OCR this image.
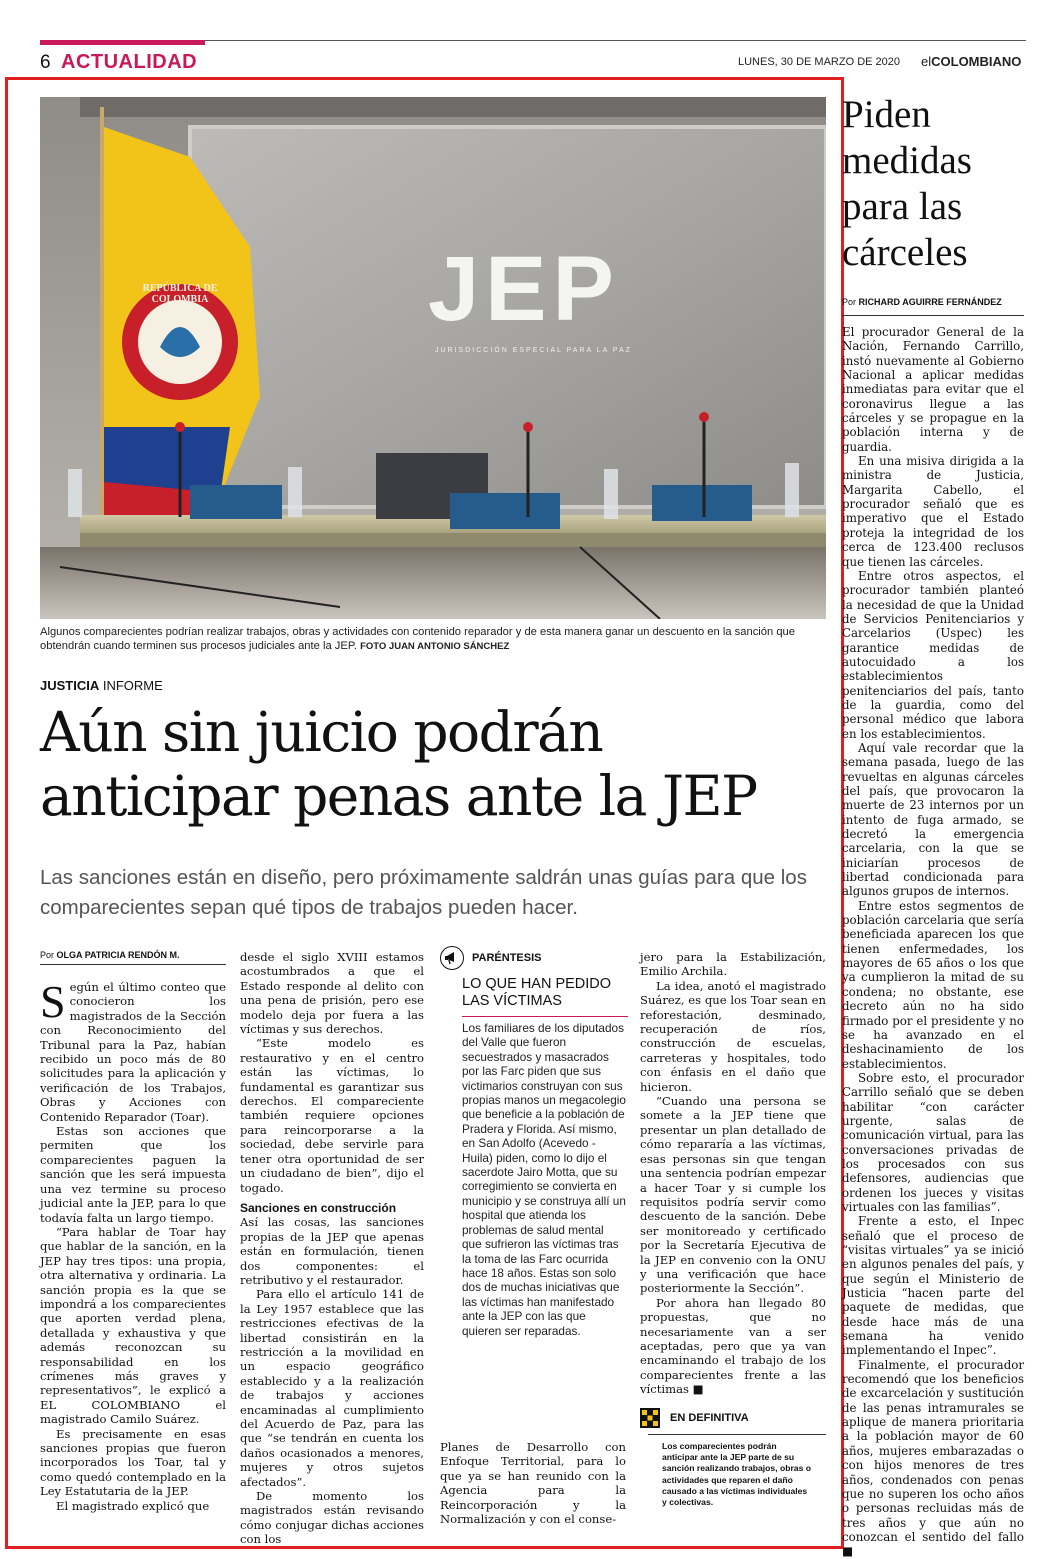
6 ACTUALIDAD	LUNES, 30 DE MARZO DE 2020 elCOLOMBIANO
JEP
JURISDICCIÓN ESPECIAL PARA LA PAZ
REPÚBLICA DE COLOMBIA
Algunos comparecientes podrían realizar trabajos, obras y actividades con contenido reparador y de esta manera ganar un descuento en la sanción que obtendrán cuando terminen sus procesos judiciales ante la JEP. FOTO JUAN ANTONIO SÁNCHEZ
JUSTICIA INFORME
Aún sin juicio podrán
anticipar penas ante la JEP

Las sanciones están en diseño, pero próximamente saldrán unas guías para que los comparecientes sepan qué tipos de trabajos pueden hacer.

Por OLGA PATRICIA RENDÓN M.

Según el último conteo que conocieron los magistrados de la Sección con Reconocimiento del Tribunal para la Paz, habían recibido un poco más de 80 solicitudes para la aplicación y verificación de los Trabajos, Obras y Acciones con Contenido Reparador (Toar).

Estas son acciones que permiten que los comparecientes paguen la sanción que les será impuesta una vez termine su proceso judicial ante la JEP, para lo que todavía falta un largo tiempo.

“Para hablar de Toar hay que hablar de la sanción, en la JEP hay tres tipos: una propia, otra alternativa y ordinaria. La sanción propia es la que se impondrá a los comparecientes que aporten verdad plena, detallada y exhaustiva y que además reconozcan su responsabilidad en los crímenes más graves y representativos”, le explicó a EL COLOMBIANO el magistrado Camilo Suárez.

Es precisamente en esas sanciones propias que fueron incorporados los Toar, tal y como quedó contemplado en la Ley Estatutaria de la JEP.

El magistrado explicó que

desde el siglo XVIII estamos acostumbrados a que el Estado responde al delito con una pena de prisión, pero ese modelo deja por fuera a las víctimas y sus derechos.

“Este modelo es restaurativo y en el centro están las víctimas, lo fundamental es garantizar sus derechos. El compareciente también requiere opciones para reincorporarse a la sociedad, debe servirle para tener otra oportunidad de ser un ciudadano de bien”, dijo el togado.

Sanciones en construcción

Así las cosas, las sanciones propias de la JEP que apenas están en formulación, tienen dos componentes: el retributivo y el restaurador.

Para ello el artículo 141 de la Ley 1957 establece que las restricciones efectivas de la libertad consistirán en la restricción a la movilidad en un espacio geográfico establecido y a la realización de trabajos y acciones encaminadas al cumplimiento del Acuerdo de Paz, para las que “se tendrán en cuenta los daños ocasionados a menores, mujeres y otros sujetos afectados”.

De momento los magistrados están revisando cómo conjugar dichas acciones con los

PARÉNTESIS
LO QUE HAN PEDIDO LAS VÍCTIMAS
Los familiares de los diputados del Valle que fueron secuestrados y masacrados por las Farc piden que sus victimarios construyan con sus propias manos un megacolegio que beneficie a la población de Pradera y Florida. Así mismo, en San Adolfo (Acevedo - Huila) piden, como lo dijo el sacerdote Jairo Motta, que su corregimiento se convierta en municipio y se construya allí un hospital que atienda los problemas de salud mental que sufrieron las víctimas tras la toma de las Farc ocurrida hace 18 años. Estas son solo dos de muchas iniciativas que las víctimas han manifestado ante la JEP con las que quieren ser reparadas.

Planes de Desarrollo con Enfoque Territorial, para lo que ya se han reunido con la Agencia para la Reincorporación y la Normalización y con el conse-

jero para la Estabilización, Emilio Archila.

La idea, anotó el magistrado Suárez, es que los Toar sean en reforestación, desminado, recuperación de ríos, construcción de escuelas, carreteras y hospitales, todo con énfasis en el daño que hicieron.

“Cuando una persona se somete a la JEP tiene que presentar un plan detallado de cómo repararía a las víctimas, esas personas sin que tengan una sentencia podrían empezar a hacer Toar y si cumple los requisitos podría servir como descuento de la sanción. Debe ser monitoreado y certificado por la Secretaría Ejecutiva de la JEP en convenio con la ONU y una verificación que hace posteriormente la Sección”.

Por ahora han llegado 80 propuestas, que no necesariamente van a ser aceptadas, pero que ya van encaminando el trabajo de los comparecientes frente a las víctimas ■

EN DEFINITIVA
Los comparecientes podrán anticipar ante la JEP parte de su sanción realizando trabajos, obras o actividades que reparen el daño causado a las víctimas individuales y colectivas.
Piden medidas para las cárceles
Por RICHARD AGUIRRE FERNÁNDEZ

El procurador General de la Nación, Fernando Carrillo, instó nuevamente al Gobierno Nacional a aplicar medidas inmediatas para evitar que el coronavirus llegue a las cárceles y se propague en la población interna y de guardia.

En una misiva dirigida a la ministra de Justicia, Margarita Cabello, el procurador señaló que es imperativo que el Estado proteja la integridad de los cerca de 123.400 reclusos que tienen las cárceles.

Entre otros aspectos, el procurador también planteó la necesidad de que la Unidad de Servicios Penitenciarios y Carcelarios (Uspec) les garantice medidas de autocuidado a los establecimientos penitenciarios del país, tanto de la guardia, como del personal médico que labora en los establecimientos.

Aquí vale recordar que la semana pasada, luego de las revueltas en algunas cárceles del país, que provocaron la muerte de 23 internos por un intento de fuga armado, se decretó la emergencia carcelaria, con la que se iniciarían procesos de libertad condicionada para algunos grupos de internos.

Entre estos segmentos de población carcelaria que sería beneficiada aparecen los que tienen enfermedades, los mayores de 65 años o los que ya cumplieron la mitad de su condena; no obstante, ese decreto aún no ha sido firmado por el presidente y no se ha avanzado en el deshacinamiento de los establecimientos.

Sobre esto, el procurador Carrillo señaló que se deben habilitar “con carácter urgente, salas de comunicación virtual, para las conversaciones privadas de los procesados con sus defensores, audiencias que ordenen los jueces y visitas virtuales con las familias”.

Frente a esto, el Inpec señaló que el proceso de “visitas virtuales” ya se inició en algunos penales del país, y que según el Ministerio de Justicia “hacen parte del paquete de medidas, que desde hace más de una semana ha venido implementando el Inpec”.

Finalmente, el procurador recomendó que los beneficios de excarcelación y sustitución de las penas intramurales se aplique de manera prioritaria a la población mayor de 60 años, mujeres embarazadas o con hijos menores de tres años, condenados con penas que no superen los ocho años o personas recluidas más de tres años y que aún no conozcan el sentido del fallo ■
